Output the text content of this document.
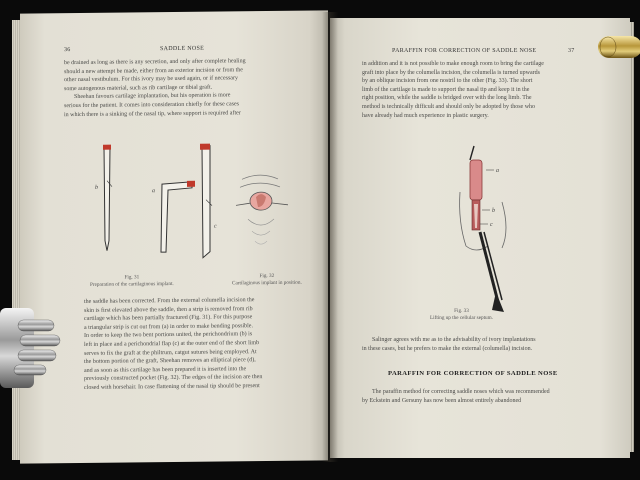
36	SADDLE NOSE
be drained as long as there is any secretion, and only after complete healing
should a new attempt be made, either from an exterior incision or from the
other nasal vestibulum. For this ivory may be used again, or if necessary
some autogenous material, such as rib cartilage or tibial graft.
Sheehan favours cartilage implantation, but his operation is more
serious for the patient. It comes into consideration chiefly for these cases
in which there is a sinking of the nasal tip, where support is required after
b
a
c
Fig. 31
Preparation of the cartilaginous implant.
Fig. 32
Cartilaginous implant in position.
the saddle has been corrected. From the external columella incision the
skin is first elevated above the saddle, then a strip is removed from rib
cartilage which has been partially fractured (Fig. 31). For this purpose
a triangular strip is cut out from (a) in order to make bending possible.
In order to keep the two bent portions united, the perichondrium (b) is
left in place and a perichondrial flap (c) at the outer end of the short limb
serves to fix the graft at the philtrum, catgut sutures being employed. At
the bottom portion of the graft, Sheehan removes an elliptical piece (d),
and as soon as this cartilage has been prepared it is inserted into the
previously constructed pocket (Fig. 32). The edges of the incision are then
closed with horsehair. In case flattening of the nasal tip should be present
PARAFFIN FOR CORRECTION OF SADDLE NOSE	37
in addition and it is not possible to make enough room to bring the cartilage
graft into place by the columella incision, the columella is turned upwards
by an oblique incision from one nostril to the other (Fig. 33). The short
limb of the cartilage is made to support the nasal tip and keep it in the
right position, while the saddle is bridged over with the long limb. The
method is technically difficult and should only be adopted by those who
have already had much experience in plastic surgery.
a
b
c
Fig. 33
Lifting up the cellular septum.
Salinger agrees with me as to the advisability of ivory implantations
in these cases, but he prefers to make the external (columella) incision.
PARAFFIN FOR CORRECTION OF SADDLE NOSE
The paraffin method for correcting saddle noses which was recommended
by Eckstein and Gersuny has now been almost entirely abandoned
